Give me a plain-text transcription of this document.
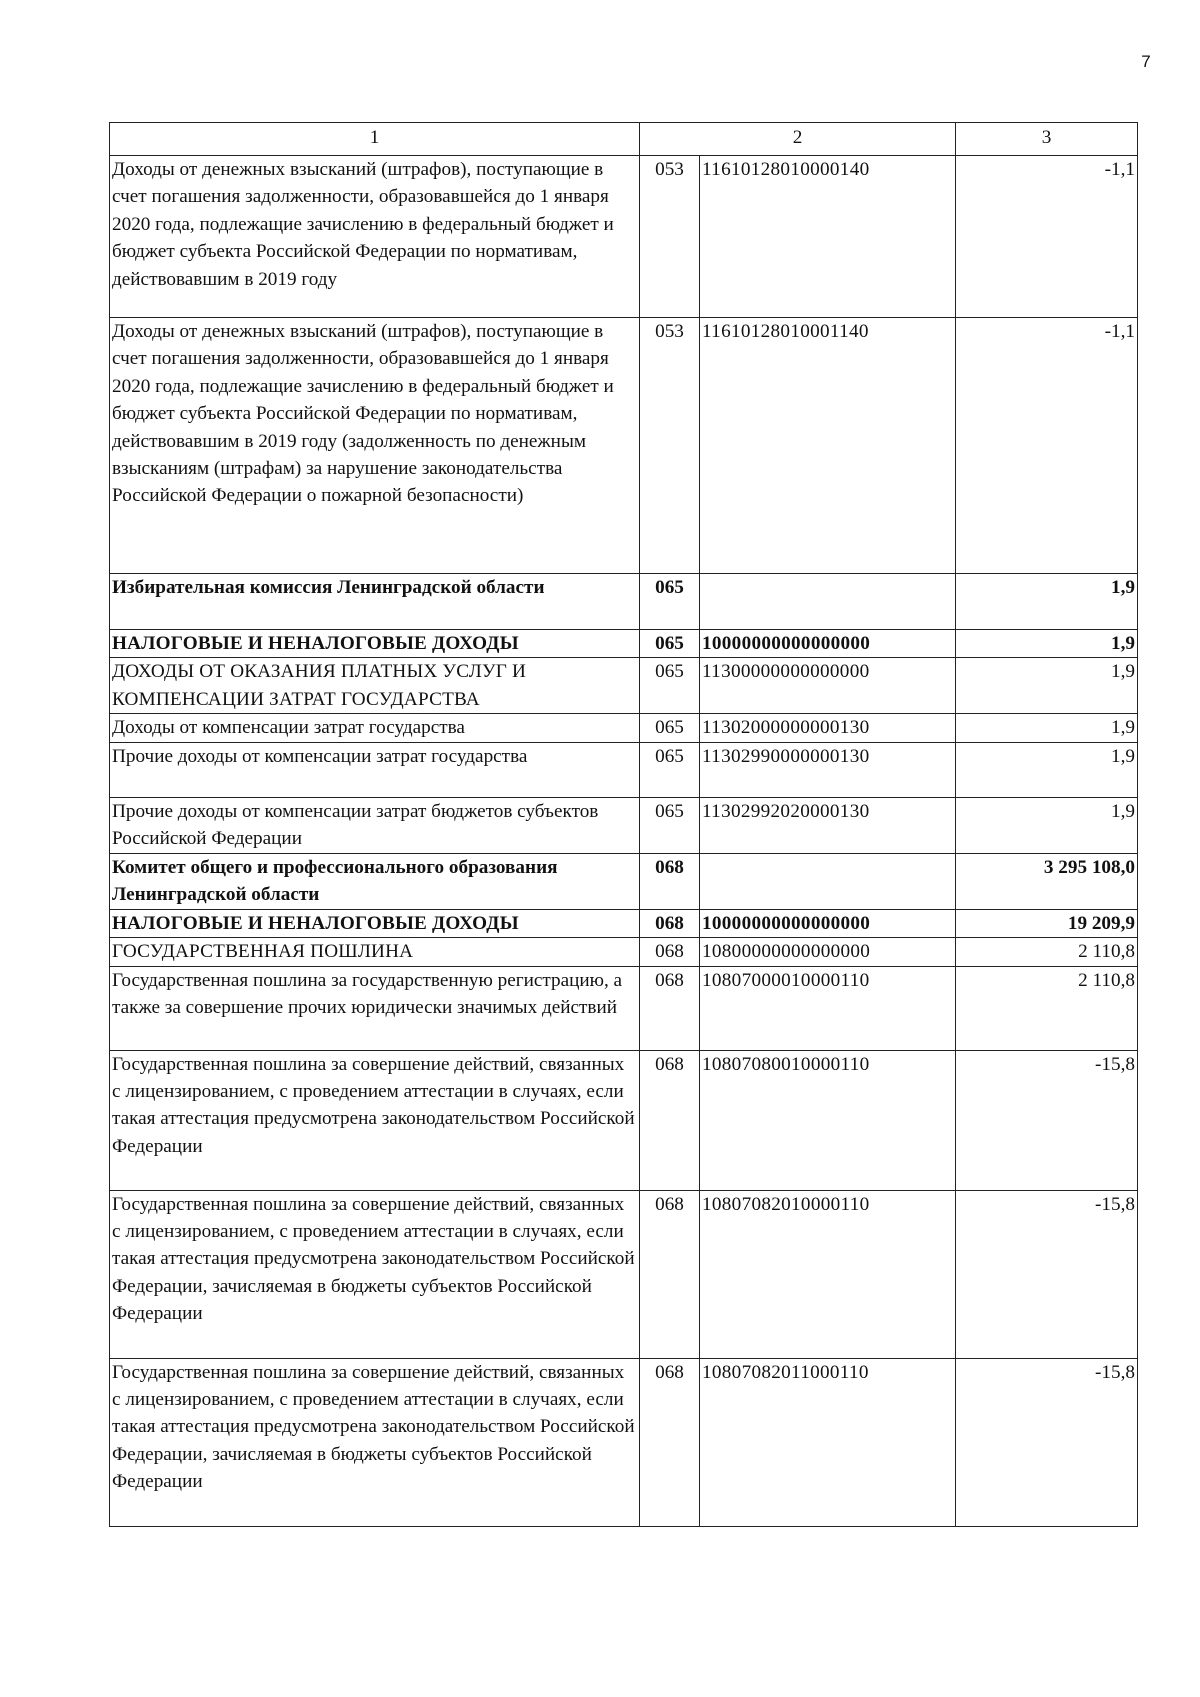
7
1	2		3
Доходы от денежных взысканий (штрафов), поступающие в счет погашения задолженности, образовавшейся до 1 января 2020 года, подлежащие зачислению в федеральный бюджет и бюджет субъекта Российской Федерации по нормативам, действовавшим в 2019 году	053	11610128010000140	-1,1
Доходы от денежных взысканий (штрафов), поступающие в счет погашения задолженности, образовавшейся до 1 января 2020 года, подлежащие зачислению в федеральный бюджет и бюджет субъекта Российской Федерации по нормативам, действовавшим в 2019 году (задолженность по денежным взысканиям (штрафам) за нарушение законодательства Российской Федерации о пожарной безопасности)	053	11610128010001140	-1,1
Избирательная комиссия Ленинградской области	065		1,9
НАЛОГОВЫЕ И НЕНАЛОГОВЫЕ ДОХОДЫ	065	10000000000000000	1,9
ДОХОДЫ ОТ ОКАЗАНИЯ ПЛАТНЫХ УСЛУГ И КОМПЕНСАЦИИ ЗАТРАТ ГОСУДАРСТВА	065	11300000000000000	1,9
Доходы от компенсации затрат государства	065	11302000000000130	1,9
Прочие доходы от компенсации затрат государства	065	11302990000000130	1,9
Прочие доходы от компенсации затрат бюджетов субъектов Российской Федерации	065	11302992020000130	1,9
Комитет общего и профессионального образования Ленинградской области	068		3 295 108,0
НАЛОГОВЫЕ И НЕНАЛОГОВЫЕ ДОХОДЫ	068	10000000000000000	19 209,9
ГОСУДАРСТВЕННАЯ ПОШЛИНА	068	10800000000000000	2 110,8
Государственная пошлина за государственную регистрацию, а также за совершение прочих юридически значимых действий	068	10807000010000110	2 110,8
Государственная пошлина за совершение действий, связанных с лицензированием, с проведением аттестации в случаях, если такая аттестация предусмотрена законодательством Российской Федерации	068	10807080010000110	-15,8
Государственная пошлина за совершение действий, связанных с лицензированием, с проведением аттестации в случаях, если такая аттестация предусмотрена законодательством Российской Федерации, зачисляемая в бюджеты субъектов Российской Федерации	068	10807082010000110	-15,8
Государственная пошлина за совершение действий, связанных с лицензированием, с проведением аттестации в случаях, если такая аттестация предусмотрена законодательством Российской Федерации, зачисляемая в бюджеты субъектов Российской Федерации	068	10807082011000110	-15,8
